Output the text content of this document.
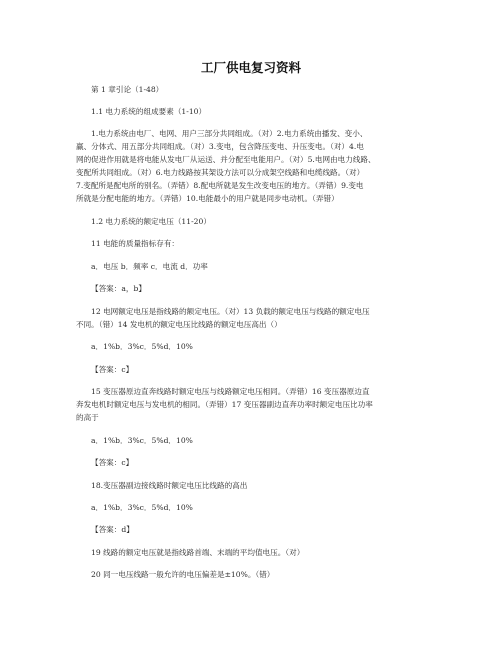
工厂供电复习资料
第 1 章引论（1-48）
1.1 电力系统的组成要素（1-10）
1.电力系统由电厂、电网、用户三部分共同组成。（对）2.电力系统由播发、变小、
赢、分体式、用五部分共同组成。（对）3.变电，包含降压变电、升压变电。（对）4.电
网的促进作用就是将电能从发电厂从运送、并分配至电能用户。（对）5.电网由电力线路、
变配所共同组成。（对）6.电力线路按其架设方法可以分成架空线路和电缆线路。（对）
7.变配所是配电所的别名。（弄错）8.配电所就是发生改变电压的地方。（弄错）9.变电
所就是分配电能的地方。（弄错）10.电能最小的用户就是同步电动机。（弄错）
1.2 电力系统的额定电压（11-20）
11 电能的质量指标存有：
a．电压 b．频率 c．电流 d．功率
【答案：a，b】
12 电网额定电压是指线路的额定电压。（对）13 负载的额定电压与线路的额定电压
不同。（错）14 发电机的额定电压比线路的额定电压高出（）
a．1%b．3%c．5%d．10%
【答案：c】
15 变压器原边直奔线路时额定电压与线路额定电压相同。（弄错）16 变压器原边直
奔发电机时额定电压与发电机的相同。（弄错）17 变压器副边直奔功率时额定电压比功率
的高于
a．1%b．3%c．5%d．10%
【答案：c】
18.变压器副边接线路时额定电压比线路的高出
a．1%b．3%c．5%d．10%
【答案：d】
19 线路的额定电压就是指线路首端、末端的平均值电压。（对）
20 同一电压线路一般允许的电压偏差是±10%。（错）
